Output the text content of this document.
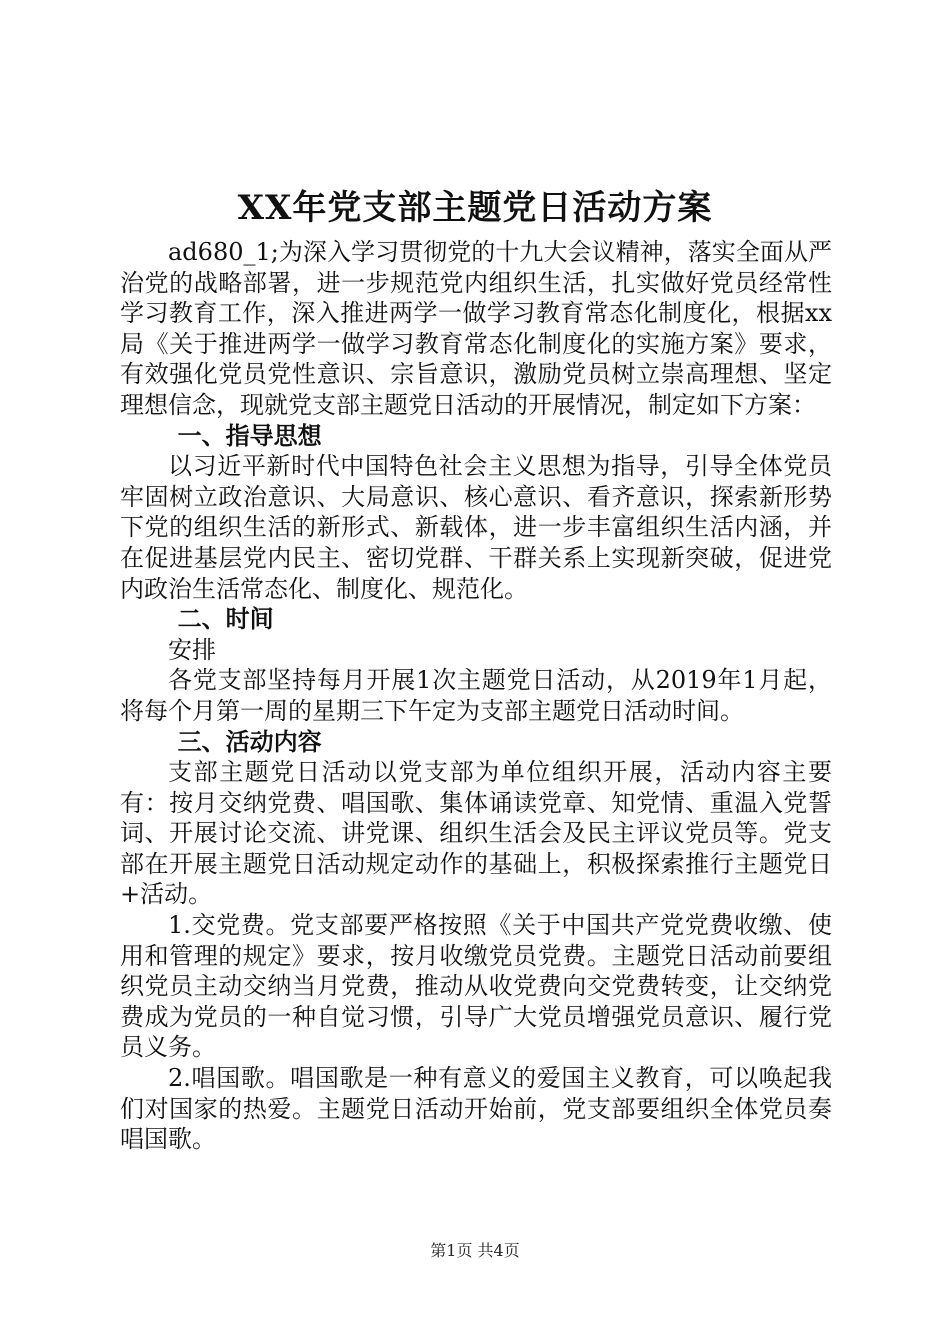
XX年党支部主题党日活动方案

ad680_1;为深入学习贯彻党的十九大会议精神，落实全面从严治党的战略部署，进一步规范党内组织生活，扎实做好党员经常性学习教育工作，深入推进两学一做学习教育常态化制度化，根据xx局《关于推进两学一做学习教育常态化制度化的实施方案》要求，有效强化党员党性意识、宗旨意识，激励党员树立崇高理想、坚定理想信念，现就党支部主题党日活动的开展情况，制定如下方案：

一、指导思想

以习近平新时代中国特色社会主义思想为指导，引导全体党员牢固树立政治意识、大局意识、核心意识、看齐意识，探索新形势下党的组织生活的新形式、新载体，进一步丰富组织生活内涵，并在促进基层党内民主、密切党群、干群关系上实现新突破，促进党内政治生活常态化、制度化、规范化。

二、时间

安排

各党支部坚持每月开展1次主题党日活动，从2019年1月起，将每个月第一周的星期三下午定为支部主题党日活动时间。

三、活动内容

支部主题党日活动以党支部为单位组织开展，活动内容主要有：按月交纳党费、唱国歌、集体诵读党章、知党情、重温入党誓词、开展讨论交流、讲党课、组织生活会及民主评议党员等。党支部在开展主题党日活动规定动作的基础上，积极探索推行主题党日+活动。

1.交党费。党支部要严格按照《关于中国共产党党费收缴、使用和管理的规定》要求，按月收缴党员党费。主题党日活动前要组织党员主动交纳当月党费，推动从收党费向交党费转变，让交纳党费成为党员的一种自觉习惯，引导广大党员增强党员意识、履行党员义务。

2.唱国歌。唱国歌是一种有意义的爱国主义教育，可以唤起我们对国家的热爱。主题党日活动开始前，党支部要组织全体党员奏唱国歌。

第1页 共4页
